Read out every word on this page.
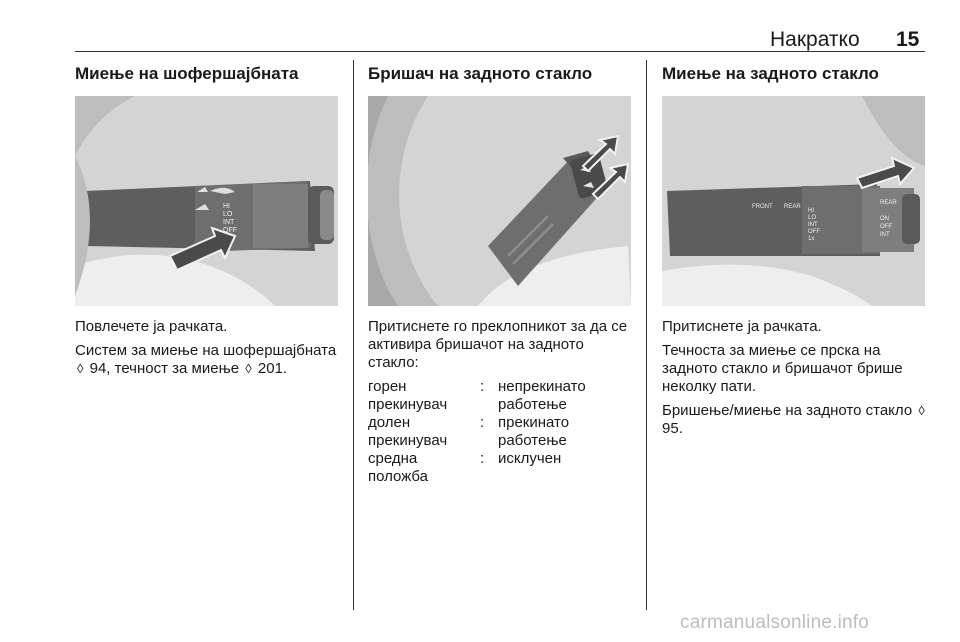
Накратко 15
Миење на шофершајбната
HI
LO
INT
OFF

Повлечете ја рачката.

Систем за миење на шофершајбната ◊ 94, течност за миење ◊ 201.

Бришач на задното стакло

Притиснете го преклопникот за да се активира бришачот на задното стакло:

горен прекинувач	:	непрекинато работење
долен прекинувач	:	прекинато работење
средна положба	:	исклучен
Миење на задното стакло
FRONT REAR
HI
LO
INT
OFF
1x
REAR
ON
OFF
INT

Притиснете ја рачката.

Течноста за миење се прска на задното стакло и бришачот брише неколку пати.

Бришење/миење на задното стакло ◊ 95.

carmanualsonline.info
